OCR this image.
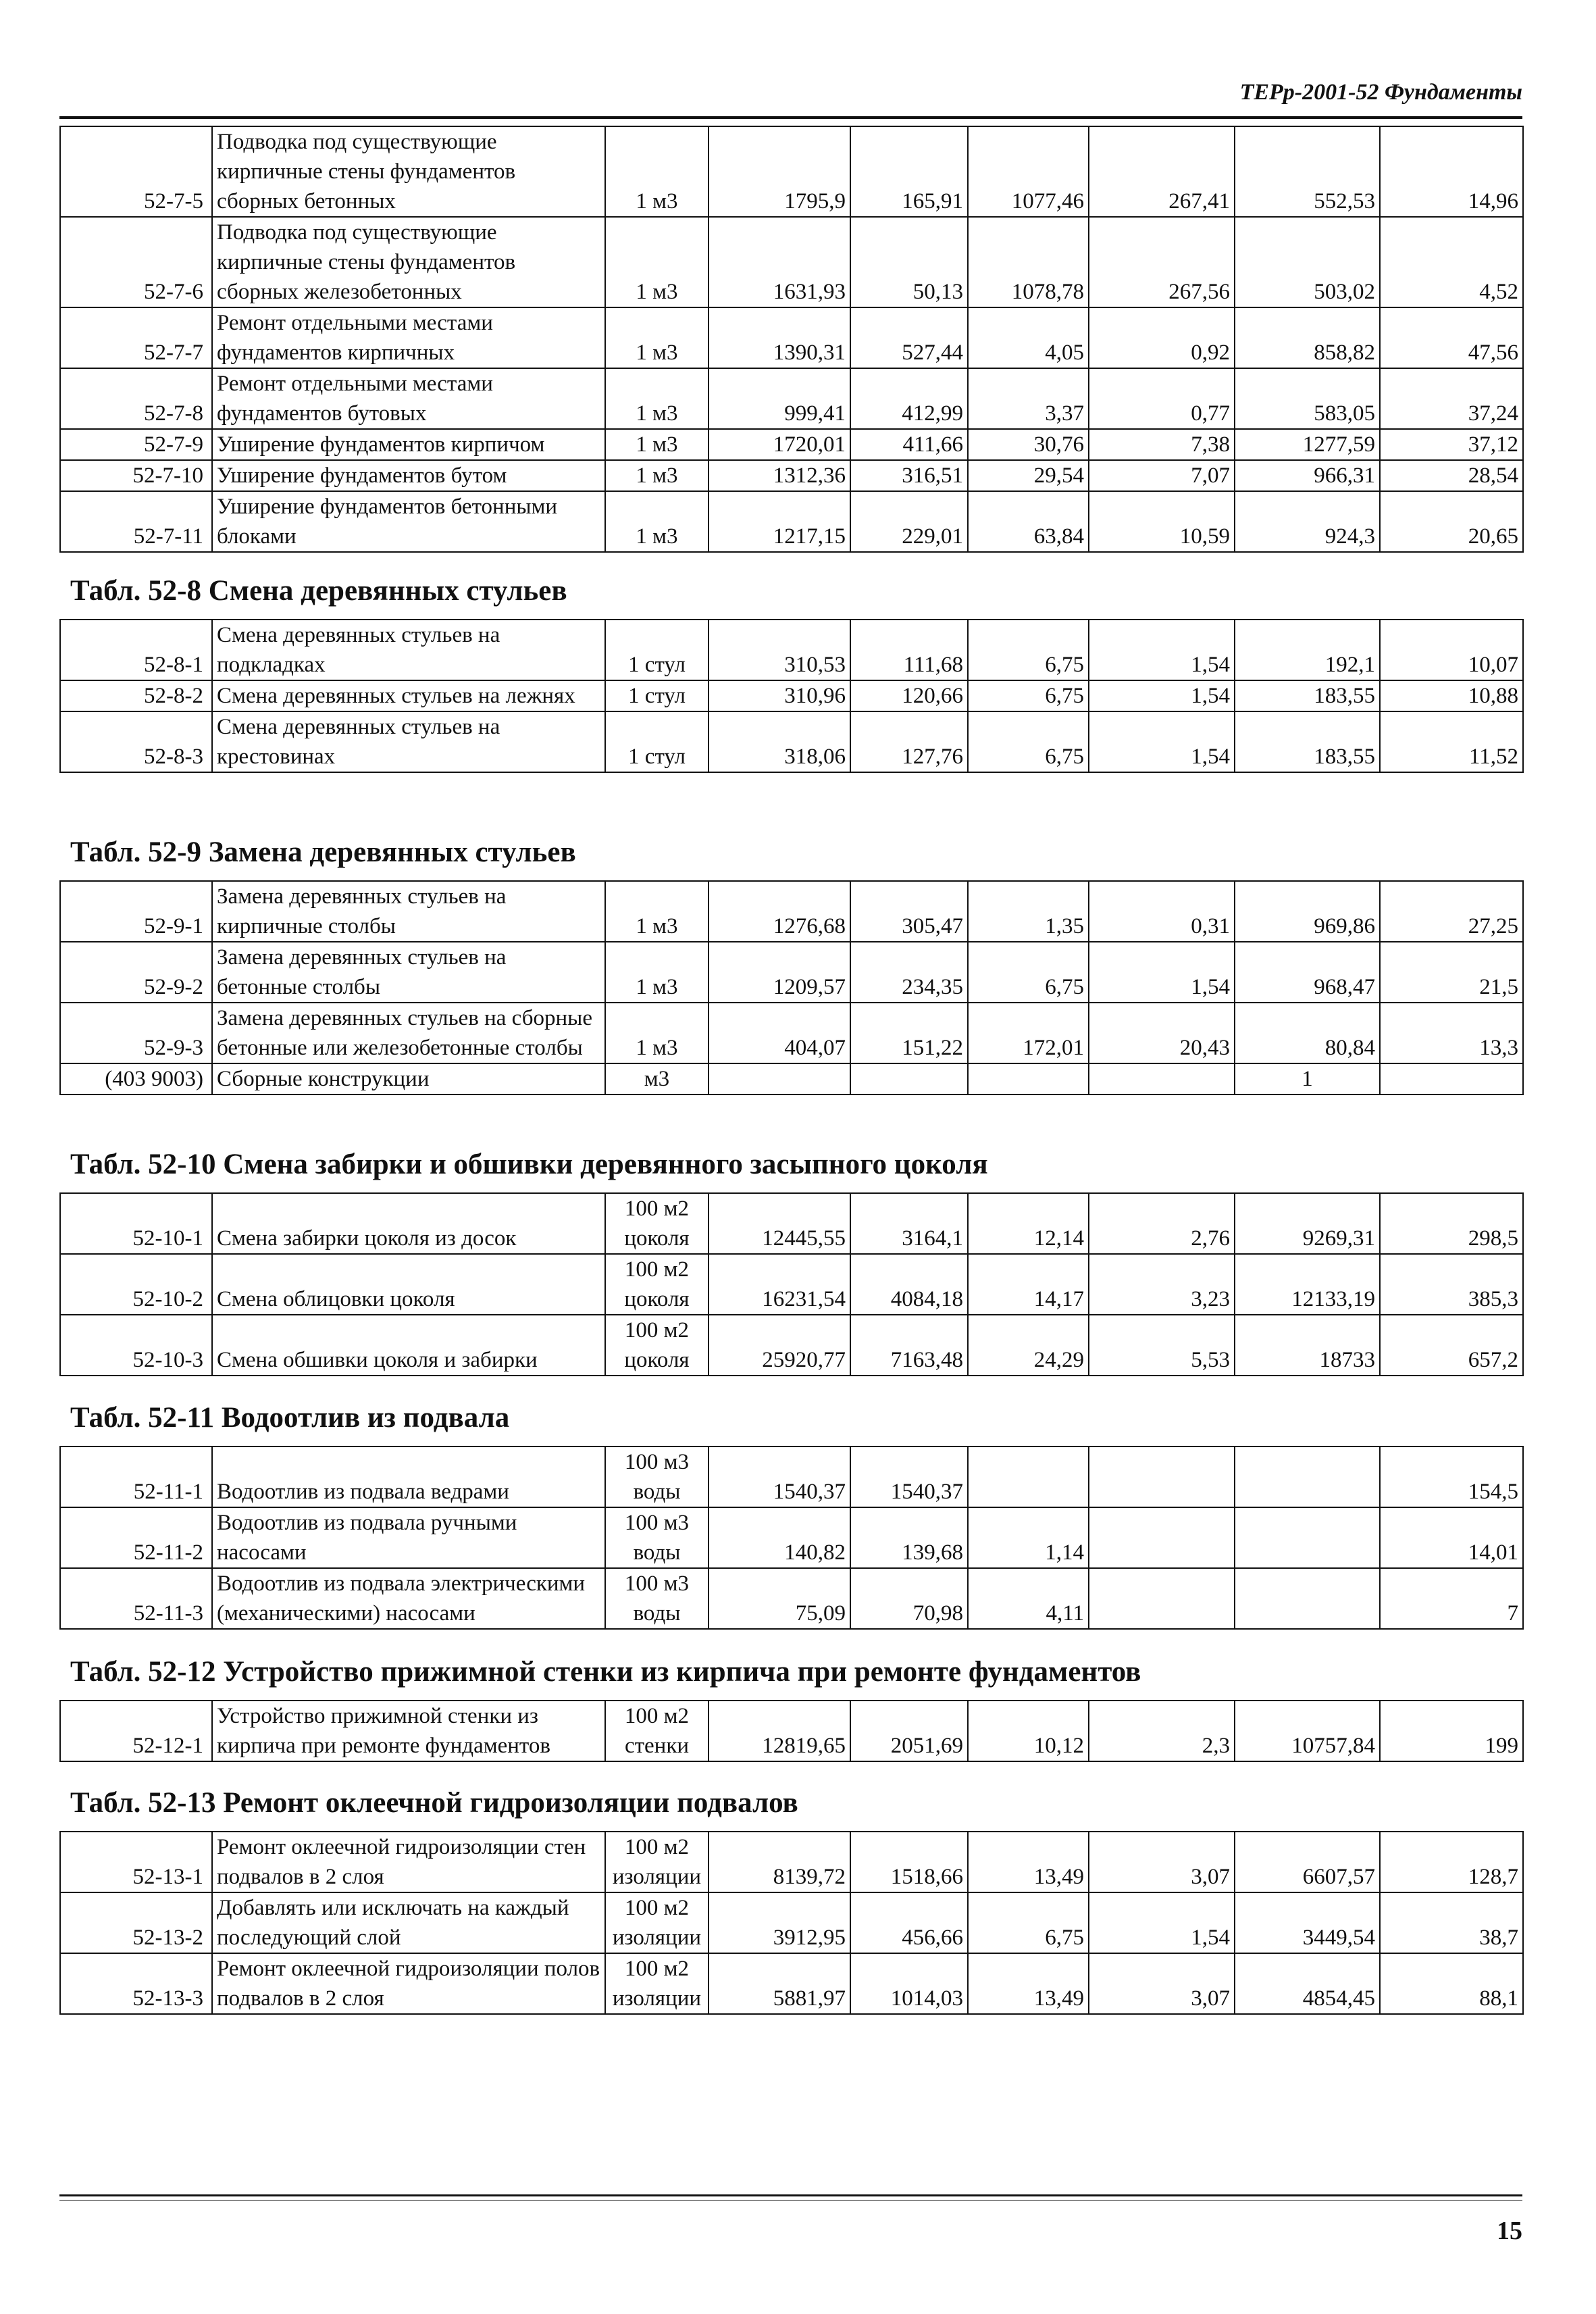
ТЕРр-2001-52 Фундаменты
52-7-5	Подводка под существующие кирпичные стены фундаментов сборных бетонных	1 м3	1795,9	165,91	1077,46	267,41	552,53	14,96
52-7-6	Подводка под существующие кирпичные стены фундаментов сборных железобетонных	1 м3	1631,93	50,13	1078,78	267,56	503,02	4,52
52-7-7	Ремонт отдельными местами фундаментов кирпичных	1 м3	1390,31	527,44	4,05	0,92	858,82	47,56
52-7-8	Ремонт отдельными местами фундаментов бутовых	1 м3	999,41	412,99	3,37	0,77	583,05	37,24
52-7-9	Уширение фундаментов кирпичом	1 м3	1720,01	411,66	30,76	7,38	1277,59	37,12
52-7-10	Уширение фундаментов бутом	1 м3	1312,36	316,51	29,54	7,07	966,31	28,54
52-7-11	Уширение фундаментов бетонными блоками	1 м3	1217,15	229,01	63,84	10,59	924,3	20,65
Табл. 52-8 Смена деревянных стульев
52-8-1	Смена деревянных стульев на подкладках	1 стул	310,53	111,68	6,75	1,54	192,1	10,07
52-8-2	Смена деревянных стульев на лежнях	1 стул	310,96	120,66	6,75	1,54	183,55	10,88
52-8-3	Смена деревянных стульев на крестовинах	1 стул	318,06	127,76	6,75	1,54	183,55	11,52
Табл. 52-9 Замена деревянных стульев
52-9-1	Замена деревянных стульев на кирпичные столбы	1 м3	1276,68	305,47	1,35	0,31	969,86	27,25
52-9-2	Замена деревянных стульев на бетонные столбы	1 м3	1209,57	234,35	6,75	1,54	968,47	21,5
52-9-3	Замена деревянных стульев на сборные бетонные или железобетонные столбы	1 м3	404,07	151,22	172,01	20,43	80,84	13,3
(403 9003)	Сборные конструкции	м3					1	
Табл. 52-10 Смена забирки и обшивки деревянного засыпного цоколя
52-10-1	Смена забирки цоколя из досок	100 м2 цоколя	12445,55	3164,1	12,14	2,76	9269,31	298,5
52-10-2	Смена облицовки цоколя	100 м2 цоколя	16231,54	4084,18	14,17	3,23	12133,19	385,3
52-10-3	Смена обшивки цоколя и забирки	100 м2 цоколя	25920,77	7163,48	24,29	5,53	18733	657,2
Табл. 52-11 Водоотлив из подвала
52-11-1	Водоотлив из подвала ведрами	100 м3 воды	1540,37	1540,37				154,5
52-11-2	Водоотлив из подвала ручными насосами	100 м3 воды	140,82	139,68	1,14			14,01
52-11-3	Водоотлив из подвала электрическими (механическими) насосами	100 м3 воды	75,09	70,98	4,11			7
Табл. 52-12 Устройство прижимной стенки из кирпича при ремонте фундаментов
52-12-1	Устройство прижимной стенки из кирпича при ремонте фундаментов	100 м2 стенки	12819,65	2051,69	10,12	2,3	10757,84	199
Табл. 52-13 Ремонт оклеечной гидроизоляции подвалов
52-13-1	Ремонт оклеечной гидроизоляции стен подвалов в 2 слоя	100 м2 изоляции	8139,72	1518,66	13,49	3,07	6607,57	128,7
52-13-2	Добавлять или исключать на каждый последующий слой	100 м2 изоляции	3912,95	456,66	6,75	1,54	3449,54	38,7
52-13-3	Ремонт оклеечной гидроизоляции полов подвалов в 2 слоя	100 м2 изоляции	5881,97	1014,03	13,49	3,07	4854,45	88,1
15
